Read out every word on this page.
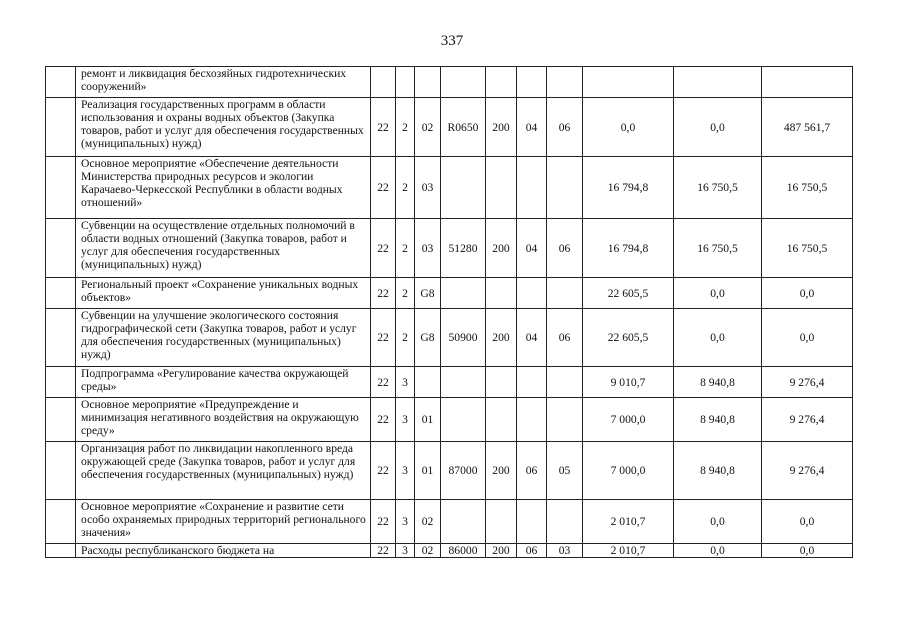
337
	ремонт и ликвидация бесхозяйных гидротехнических сооружений»										
	Реализация государственных программ в области использования и охраны водных объектов (Закупка товаров, работ и услуг для обеспечения государственных (муниципальных) нужд)	22	2	02	R0650	200	04	06	0,0	0,0	487 561,7
	Основное мероприятие «Обеспечение деятельности Министерства природных ресурсов и экологии Карачаево-Черкесской Республики в области водных отношений»	22	2	03					16 794,8	16 750,5	16 750,5
	Субвенции на осуществление отдельных полномочий в области водных отношений (Закупка товаров, работ и услуг для обеспечения государственных (муниципальных) нужд)	22	2	03	51280	200	04	06	16 794,8	16 750,5	16 750,5
	Региональный проект «Сохранение уникальных водных объектов»	22	2	G8					22 605,5	0,0	0,0
	Субвенции на улучшение экологического состояния гидрографической сети (Закупка товаров, работ и услуг для обеспечения государственных (муниципальных) нужд)	22	2	G8	50900	200	04	06	22 605,5	0,0	0,0
	Подпрограмма «Регулирование качества окружающей среды»	22	3						9 010,7	8 940,8	9 276,4
	Основное мероприятие «Предупреждение и минимизация негативного воздействия на окружающую среду»	22	3	01					7 000,0	8 940,8	9 276,4
	Организация работ по ликвидации накопленного вреда окружающей среде (Закупка товаров, работ и услуг для обеспечения государственных (муниципальных) нужд)	22	3	01	87000	200	06	05	7 000,0	8 940,8	9 276,4
	Основное мероприятие «Сохранение и развитие сети особо охраняемых природных территорий регионального значения»	22	3	02					2 010,7	0,0	0,0
	Расходы республиканского бюджета на	22	3	02	86000	200	06	03	2 010,7	0,0	0,0
